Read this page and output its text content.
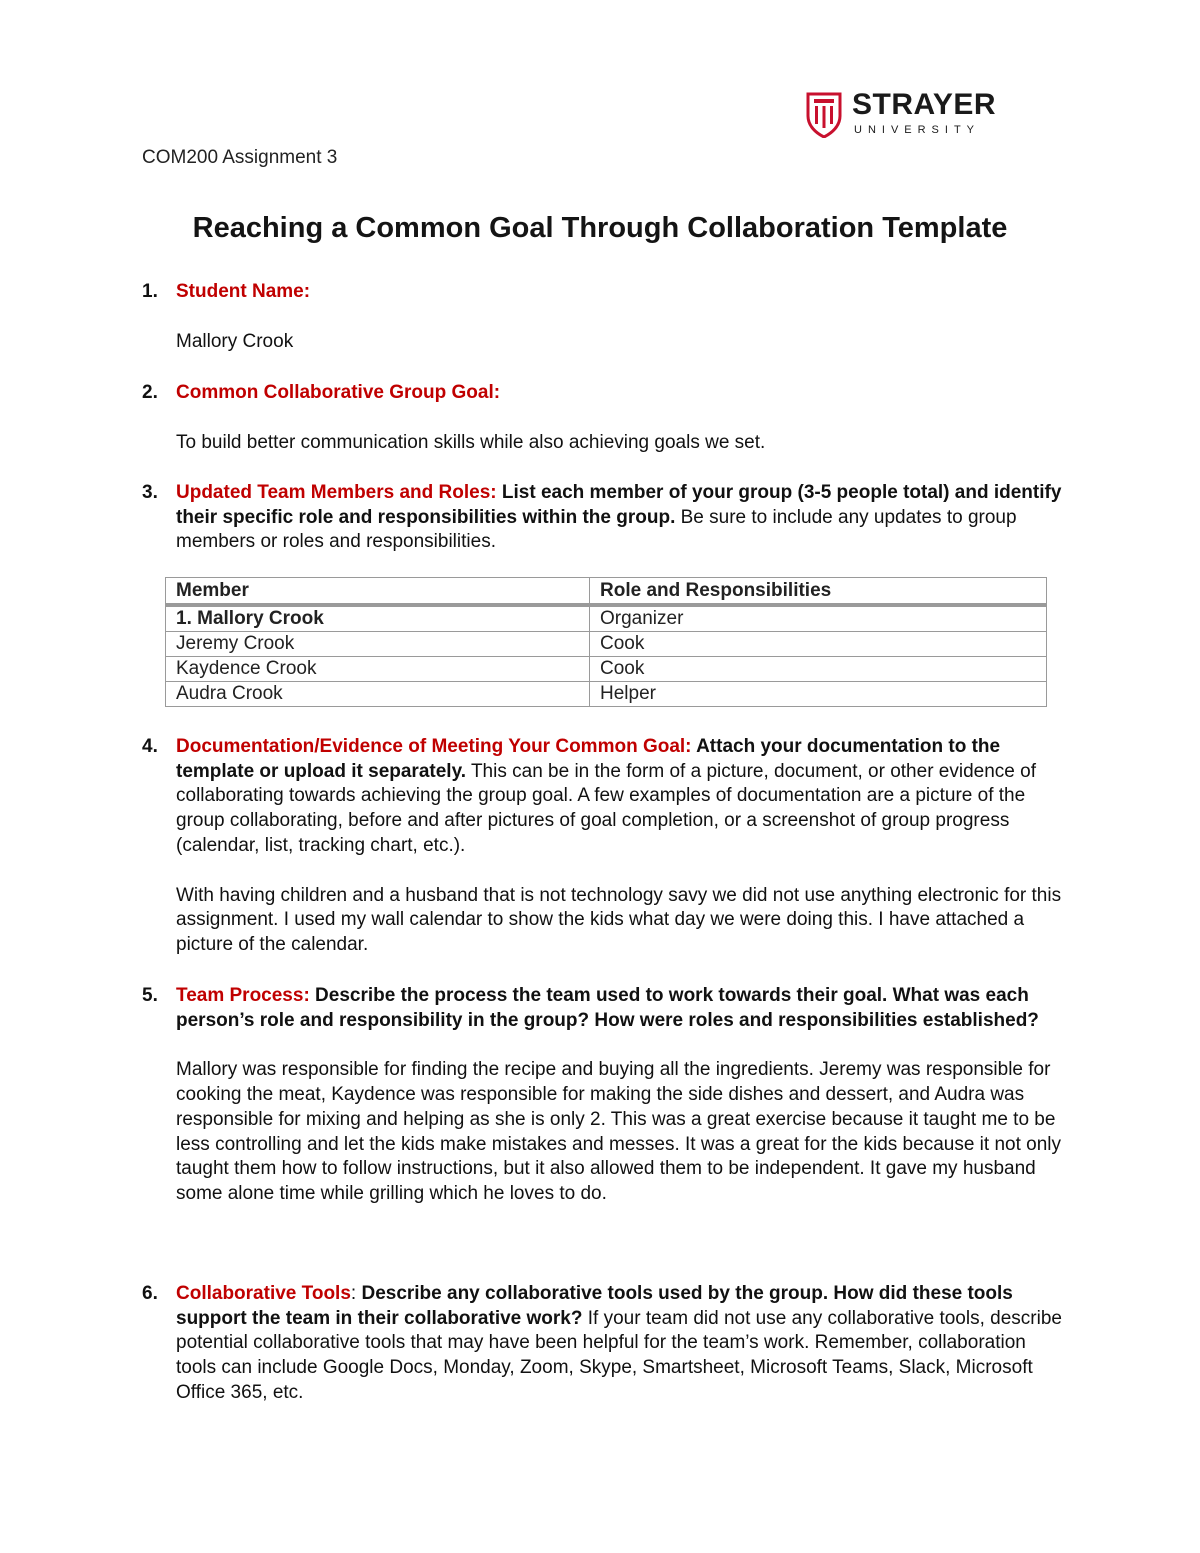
STRAYER
UNIVERSITY
COM200 Assignment 3
Reaching a Common Goal Through Collaboration Template
1. Student Name:

Mallory Crook

2. Common Collaborative Group Goal:

To build better communication skills while also achieving goals we set.

3. Updated Team Members and Roles: List each member of your group (3-5 people total) and identify their specific role and responsibilities within the group. Be sure to include any updates to group members or roles and responsibilities.
Member	Role and Responsibilities
1. Mallory Crook	Organizer
Jeremy Crook	Cook
Kaydence Crook	Cook
Audra Crook	Helper
4. Documentation/Evidence of Meeting Your Common Goal: Attach your documentation to the template or upload it separately. This can be in the form of a picture, document, or other evidence of collaborating towards achieving the group goal. A few examples of documentation are a picture of the group collaborating, before and after pictures of goal completion, or a screenshot of group progress (calendar, list, tracking chart, etc.).

With having children and a husband that is not technology savy we did not use anything electronic for this assignment. I used my wall calendar to show the kids what day we were doing this. I have attached a picture of the calendar.

5. Team Process: Describe the process the team used to work towards their goal. What was each person’s role and responsibility in the group? How were roles and responsibilities established?

Mallory was responsible for finding the recipe and buying all the ingredients. Jeremy was responsible for cooking the meat, Kaydence was responsible for making the side dishes and dessert, and Audra was responsible for mixing and helping as she is only 2. This was a great exercise because it taught me to be less controlling and let the kids make mistakes and messes. It was a great for the kids because it not only taught them how to follow instructions, but it also allowed them to be independent. It gave my husband some alone time while grilling which he loves to do.

6. Collaborative Tools: Describe any collaborative tools used by the group. How did these tools support the team in their collaborative work? If your team did not use any collaborative tools, describe potential collaborative tools that may have been helpful for the team’s work. Remember, collaboration tools can include Google Docs, Monday, Zoom, Skype, Smartsheet, Microsoft Teams, Slack, Microsoft Office 365, etc.
